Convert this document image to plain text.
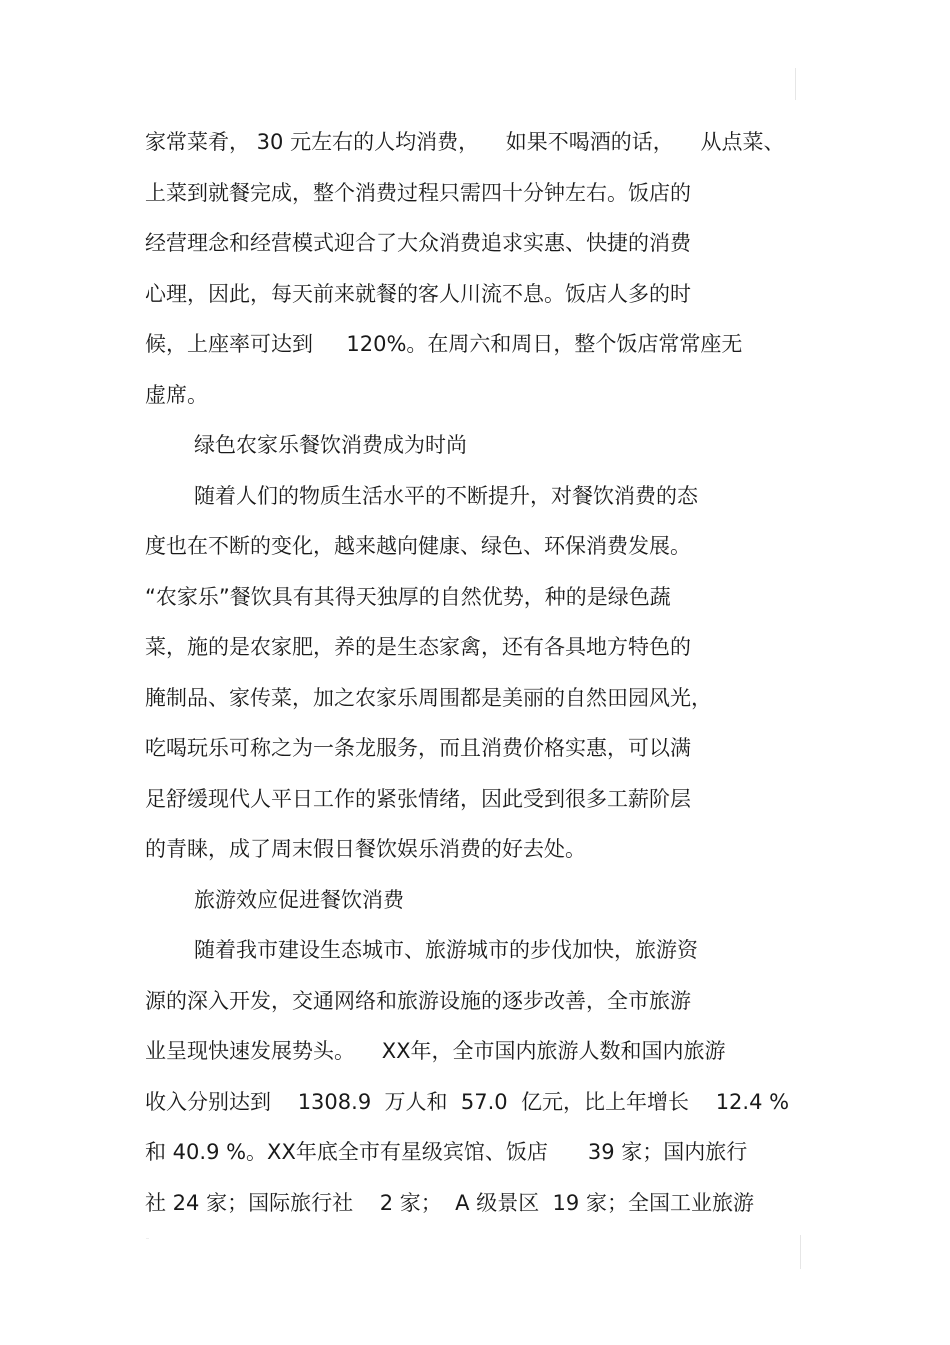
家常菜肴， 30 元左右的人均消费，    如果不喝酒的话，    从点菜、
上菜到就餐完成，整个消费过程只需四十分钟左右。饭店的
经营理念和经营模式迎合了大众消费追求实惠、快捷的消费
心理，因此，每天前来就餐的客人川流不息。饭店人多的时
候，上座率可达到     120%。在周六和周日，整个饭店常常座无
虚席。
绿色农家乐餐饮消费成为时尚
随着人们的物质生活水平的不断提升，对餐饮消费的态
度也在不断的变化，越来越向健康、绿色、环保消费发展。
“农家乐”餐饮具有其得天独厚的自然优势，种的是绿色蔬
菜，施的是农家肥，养的是生态家禽，还有各具地方特色的
腌制品、家传菜，加之农家乐周围都是美丽的自然田园风光，
吃喝玩乐可称之为一条龙服务，而且消费价格实惠，可以满
足舒缓现代人平日工作的紧张情绪，因此受到很多工薪阶层
的青睐，成了周末假日餐饮娱乐消费的好去处。
旅游效应促进餐饮消费
随着我市建设生态城市、旅游城市的步伐加快，旅游资
源的深入开发，交通网络和旅游设施的逐步改善，全市旅游
业呈现快速发展势头。    XX年，全市国内旅游人数和国内旅游
收入分别达到    1308.9  万人和  57.0  亿元，比上年增长    12.4 %
和 40.9 %。XX年底全市有星级宾馆、饭店      39 家；国内旅行
社 24 家；国际旅行社    2 家；  A 级景区  19 家；全国工业旅游
